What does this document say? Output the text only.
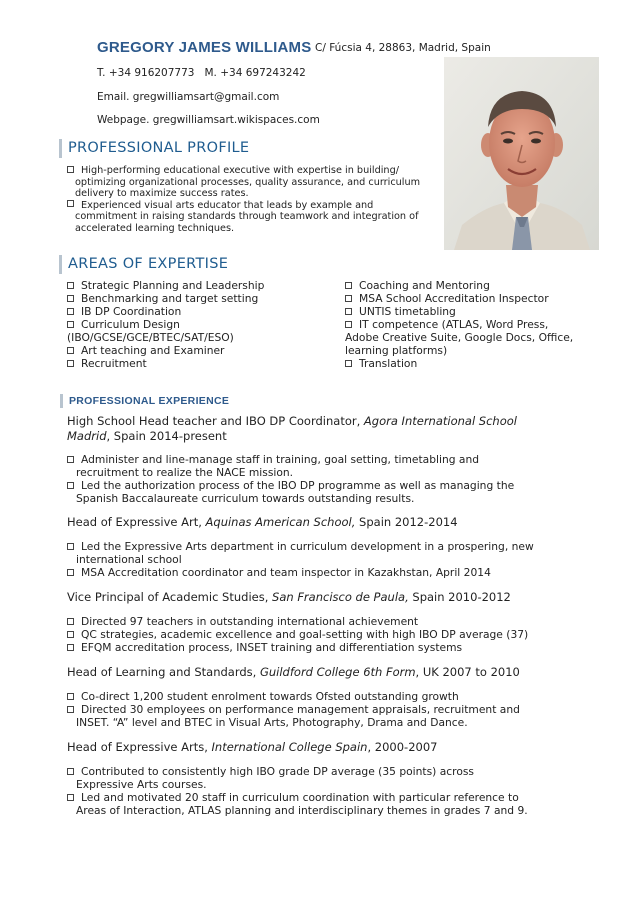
GREGORY JAMES WILLIAMS C/ Fúcsia 4, 28863, Madrid, Spain
T. +34 916207773   M. +34 697243242
Email. gregwilliamsart@gmail.com
Webpage. gregwilliamsart.wikispaces.com
PROFESSIONAL PROFILE
High-performing educational executive with expertise in building/
optimizing organizational processes, quality assurance, and curriculum
delivery to maximize success rates.
Experienced visual arts educator that leads by example and
commitment in raising standards through teamwork and integration of
accelerated learning techniques.
AREAS OF EXPERTISE
Strategic Planning and Leadership
Benchmarking and target setting
IB DP Coordination
Curriculum Design
(IBO/GCSE/GCE/BTEC/SAT/ESO)
Art teaching and Examiner
Recruitment
Coaching and Mentoring
MSA School Accreditation Inspector
UNTIS timetabling
IT competence (ATLAS, Word Press,
Adobe Creative Suite, Google Docs, Office,
learning platforms)
Translation
PROFESSIONAL EXPERIENCE
High School Head teacher and IBO DP Coordinator, Agora International School
Madrid, Spain 2014-present
Administer and line-manage staff in training, goal setting, timetabling and
recruitment to realize the NACE mission.
Led the authorization process of the IBO DP programme as well as managing the
Spanish Baccalaureate curriculum towards outstanding results.
Head of Expressive Art, Aquinas American School, Spain 2012-2014
Led the Expressive Arts department in curriculum development in a prospering, new
international school
MSA Accreditation coordinator and team inspector in Kazakhstan, April 2014
Vice Principal of Academic Studies, San Francisco de Paula, Spain 2010-2012
Directed 97 teachers in outstanding international achievement
QC strategies, academic excellence and goal-setting with high IBO DP average (37)
EFQM accreditation process, INSET training and differentiation systems
Head of Learning and Standards, Guildford College 6th Form, UK 2007 to 2010
Co-direct 1,200 student enrolment towards Ofsted outstanding growth
Directed 30 employees on performance management appraisals, recruitment and
INSET. “A” level and BTEC in Visual Arts, Photography, Drama and Dance.
Head of Expressive Arts, International College Spain, 2000-2007
Contributed to consistently high IBO grade DP average (35 points) across
Expressive Arts courses.
Led and motivated 20 staff in curriculum coordination with particular reference to
Areas of Interaction, ATLAS planning and interdisciplinary themes in grades 7 and 9.
